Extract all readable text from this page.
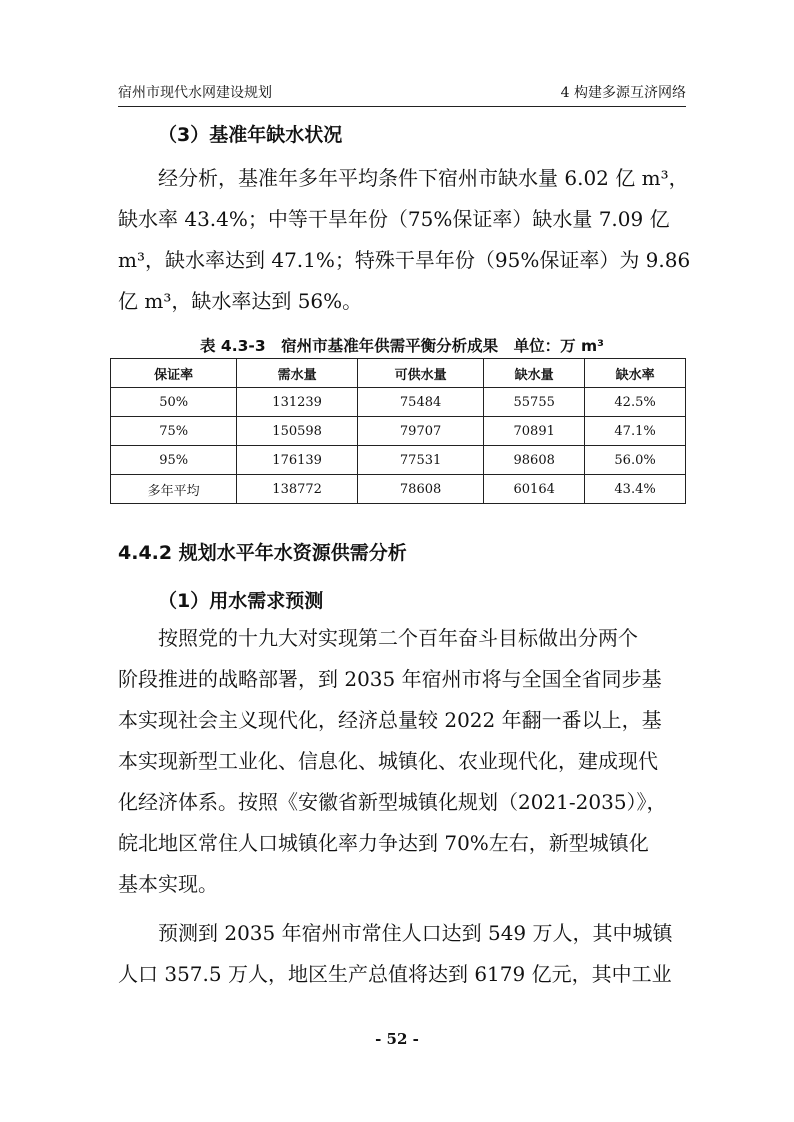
宿州市现代水网建设规划	4 构建多源互济网络
（3）基准年缺水状况

　　经分析，基准年多年平均条件下宿州市缺水量 6.02 亿 m³，
缺水率 43.4%；中等干旱年份（75%保证率）缺水量 7.09 亿
m³，缺水率达到 47.1%；特殊干旱年份（95%保证率）为 9.86
亿 m³，缺水率达到 56%。

表 4.3-3　宿州市基准年供需平衡分析成果　单位：万 m³
保证率	需水量	可供水量	缺水量	缺水率
50%	131239	75484	55755	42.5%
75%	150598	79707	70891	47.1%
95%	176139	77531	98608	56.0%
多年平均	138772	78608	60164	43.4%
4.4.2 规划水平年水资源供需分析
（1）用水需求预测

　　按照党的十九大对实现第二个百年奋斗目标做出分两个
阶段推进的战略部署，到 2035 年宿州市将与全国全省同步基
本实现社会主义现代化，经济总量较 2022 年翻一番以上，基
本实现新型工业化、信息化、城镇化、农业现代化，建成现代
化经济体系。按照《安徽省新型城镇化规划（2021-2035）》，
皖北地区常住人口城镇化率力争达到 70%左右，新型城镇化
基本实现。

　　预测到 2035 年宿州市常住人口达到 549 万人，其中城镇
人口 357.5 万人，地区生产总值将达到 6179 亿元，其中工业

- 52 -
